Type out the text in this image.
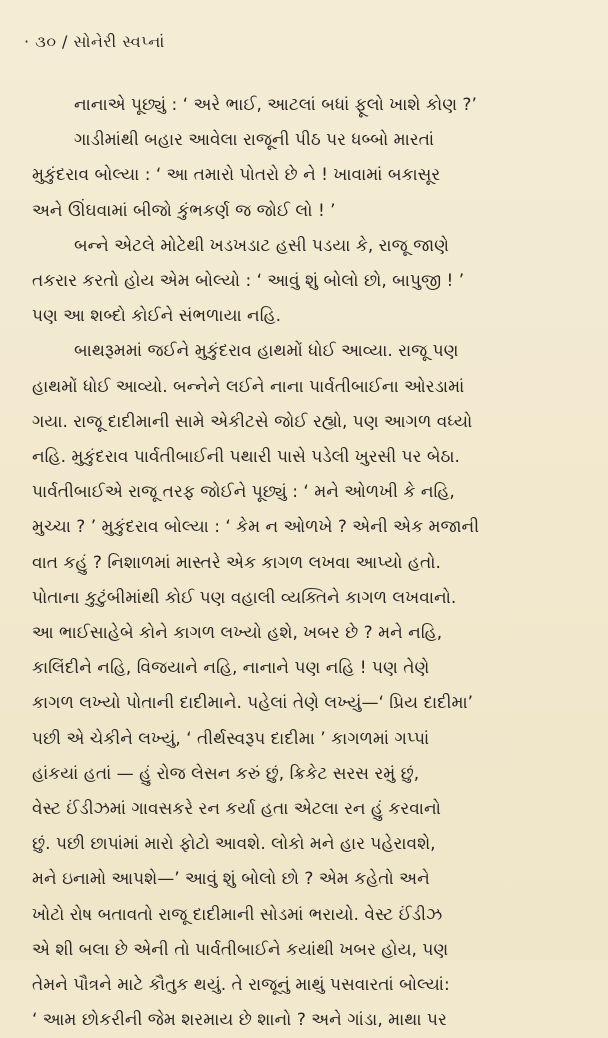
· ૩૦ / સોનેરી સ્વપ્નાં
નાનાએ પૂછ્યું : ‘ અરે ભાઈ, આટલાં બધાં ફૂલો ખાશે કોણ ?’
ગાડીમાંથી બહાર આવેલા રાજૂની પીઠ પર ધબ્બો મારતાં
મુકુંદરાવ બોલ્યા : ‘ આ તમારો પોતરો છે ને ! ખાવામાં બકાસૂર
અને ઊંઘવામાં બીજો કુંભકર્ણ જ જોઈ લો ! ’
બન્ને એટલે મોટેથી ખડખડાટ હસી પડયા કે, રાજૂ જાણે
તકરાર કરતો હોય એમ બોલ્યો : ‘ આવું શું બોલો છો, બાપુજી ! ’
પણ આ શબ્દો કોઈને સંભળાયા નહિ.
બાથરૂમમાં જઈને મુકુંદરાવ હાથમોં ધોઈ આવ્યા. રાજૂ પણ
હાથમોં ધોઈ આવ્યો. બન્નેને લઈને નાના પાર્વતીબાઈના ઓરડામાં
ગયા. રાજૂ દાદીમાની સામે એકીટસે જોઈ રહ્યો, પણ આગળ વધ્યો
નહિ. મુકુંદરાવ પાર્વતીબાઈની પથારી પાસે પડેલી ખુરસી પર બેઠા.
પાર્વતીબાઈએ રાજૂ તરફ જોઈને પૂછ્યું : ‘ મને ઓળખી કે નહિ,
મુચ્ચા ? ’ મુકુંદરાવ બોલ્યા : ‘ કેમ ન ઓળખે ? એની એક મજાની
વાત કહું ? નિશાળમાં માસ્તરે એક કાગળ લખવા આપ્યો હતો.
પોતાના કુટુંબીમાંથી કોઈ પણ વહાલી વ્યક્તિને કાગળ લખવાનો.
આ ભાઈસાહેબે કોને કાગળ લખ્યો હશે, ખબર છે ? મને નહિ,
કાલિંદીને નહિ, વિજયાને નહિ, નાનાને પણ નહિ ! પણ તેણે
કાગળ લખ્યો પોતાની દાદીમાને. પહેલાં તેણે લખ્યું—‘ પ્રિય દાદીમા’
પછી એ ચેકીને લખ્યું, ‘ તીર્થસ્વરૂપ દાદીમા ’ કાગળમાં ગપ્પાં
હાંકયાં હતાં — હું રોજ લેસન કરું છું, ક્રિકેટ સરસ રમું છું,
વેસ્ટ ઈંડીઝમાં ગાવસકરે રન કર્યા હતા એટલા રન હું કરવાનો
છું. પછી છાપાંમાં મારો ફોટો આવશે. લોકો મને હાર પહેરાવશે,
મને ઇનામો આપશે—’ આવું શું બોલો છો ? એમ કહેતો અને
ખોટો રોષ બતાવતો રાજૂ દાદીમાની સોડમાં ભરાયો. વેસ્ટ ઈંડીઝ
એ શી બલા છે એની તો પાર્વતીબાઈને કયાંથી ખબર હોય, પણ
તેમને પૌત્રને માટે કૌતુક થયું. તે રાજૂનું માથું પસવારતાં બોલ્યાં:
‘ આમ છોકરીની જેમ શરમાય છે શાનો ? અને ગાંડા, માથા પર
